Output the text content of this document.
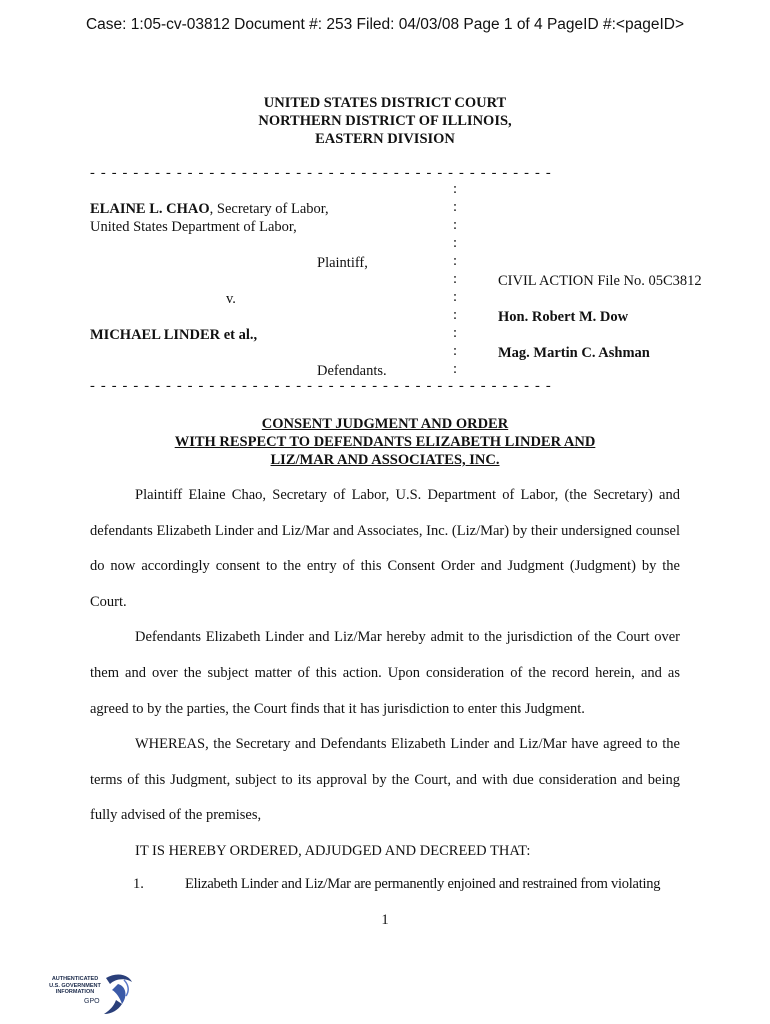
Case: 1:05-cv-03812 Document #: 253 Filed: 04/03/08 Page 1 of 4 PageID #:<pageID>
UNITED STATES DISTRICT COURT
NORTHERN DISTRICT OF ILLINOIS,
EASTERN DIVISION
- - - - - - - - - - - - - - - - - - - - - - - - - - - - - - - - - - - - - - - - - - -
:
:
:
:
:
:
:
:
:
:
:
ELAINE L. CHAO, Secretary of Labor,
United States Department of Labor,
Plaintiff,
v.
MICHAEL LINDER et al.,
Defendants.
CIVIL ACTION File No. 05C3812
Hon. Robert M. Dow
Mag. Martin C. Ashman
- - - - - - - - - - - - - - - - - - - - - - - - - - - - - - - - - - - - - - - - - - -
CONSENT JUDGMENT AND ORDER
WITH RESPECT TO DEFENDANTS ELIZABETH LINDER AND
LIZ/MAR AND ASSOCIATES, INC.

Plaintiff Elaine Chao, Secretary of Labor, U.S. Department of Labor, (the Secretary) and defendants Elizabeth Linder and Liz/Mar and Associates, Inc. (Liz/Mar) by their undersigned counsel do now accordingly consent to the entry of this Consent Order and Judgment (Judgment) by the Court.

Defendants Elizabeth Linder and Liz/Mar hereby admit to the jurisdiction of the Court over them and over the subject matter of this action. Upon consideration of the record herein, and as agreed to by the parties, the Court finds that it has jurisdiction to enter this Judgment.

WHEREAS, the Secretary and Defendants Elizabeth Linder and Liz/Mar have agreed to the terms of this Judgment, subject to its approval by the Court, and with due consideration and being fully advised of the premises,

IT IS HEREBY ORDERED, ADJUDGED AND DECREED THAT:

1.	Elizabeth Linder and Liz/Mar are permanently enjoined and restrained from violating
1
AUTHENTICATED
U.S. GOVERNMENT
INFORMATION
GPO
